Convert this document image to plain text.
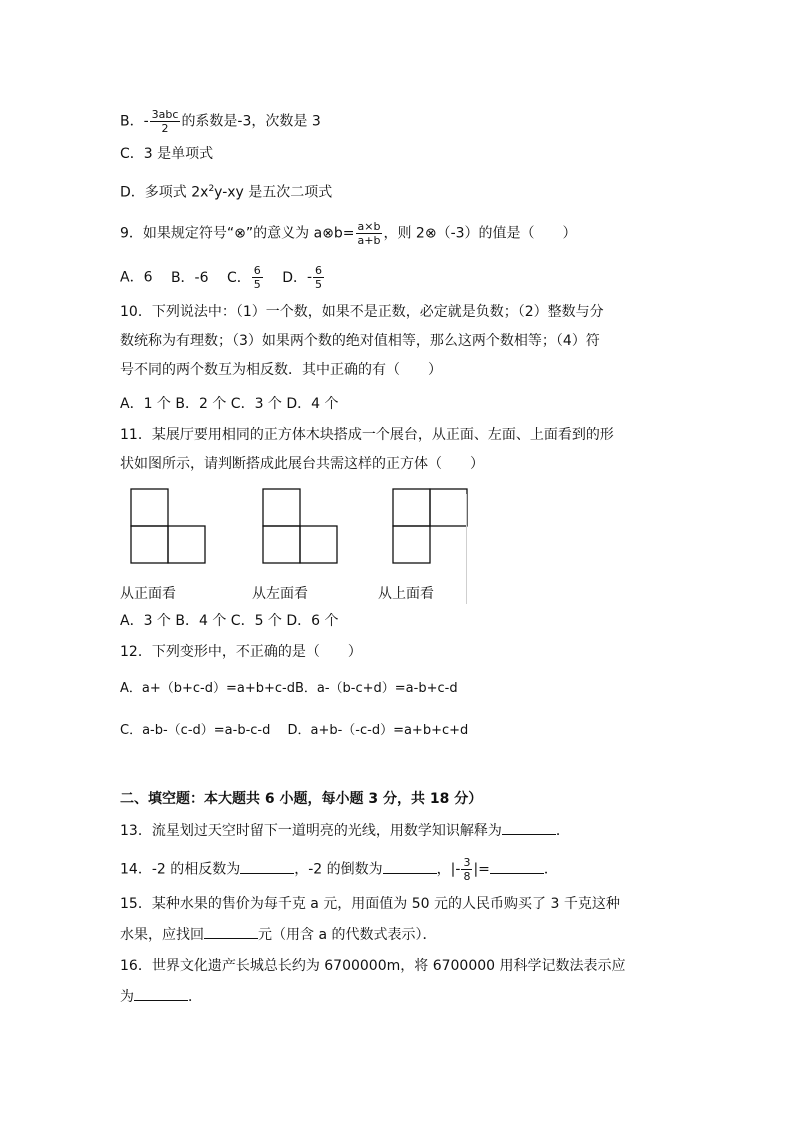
B．- $\frac{\text{3abc}}{2}$ 的系数是-3，次数是 3
C．3 是单项式
D．多项式 $2x^2y-xy$ 是五次二项式
9．如果规定符号“⊗”的意义为 a⊗b= $\frac{a\times b}{a+b}$ ，则 2⊗（-3）的值是（　　）
A．6 B．-6 C． $\frac{6}{5}$ D．- $\frac{6}{5}$
10．下列说法中：（1）一个数，如果不是正数，必定就是负数；（2）整数与分
数统称为有理数；（3）如果两个数的绝对值相等，那么这两个数相等；（4）符
号不同的两个数互为相反数．其中正确的有（　　）
A．1 个 B．2 个 C．3 个 D．4 个
11．某展厅要用相同的正方体木块搭成一个展台，从正面、左面、上面看到的形
状如图所示，请判断搭成此展台共需这样的正方体（　　）
从正面看	从左面看	从上面看
A．3 个 B．4 个 C．5 个 D．6 个
12．下列变形中，不正确的是（　　）
A．a+（b+c-d）=a+b+c-dB．a-（b-c+d）=a-b+c-d
C．a-b-（c-d）=a-b-c-d　 D．a+b-（-c-d）=a+b+c+d
二、填空题：本大题共 6 小题，每小题 3 分，共 18 分）
13．流星划过天空时留下一道明亮的光线，用数学知识解释为	．
14．-2 的相反数为	，-2 的倒数为	，|- $\frac{3}{8}$ |=	．
15．某种水果的售价为每千克 a 元，用面值为 50 元的人民币购买了 3 千克这种
水果，应找回	元（用含 a 的代数式表示）．
16．世界文化遗产长城总长约为 6700000m，将 6700000 用科学记数法表示应
为	．
